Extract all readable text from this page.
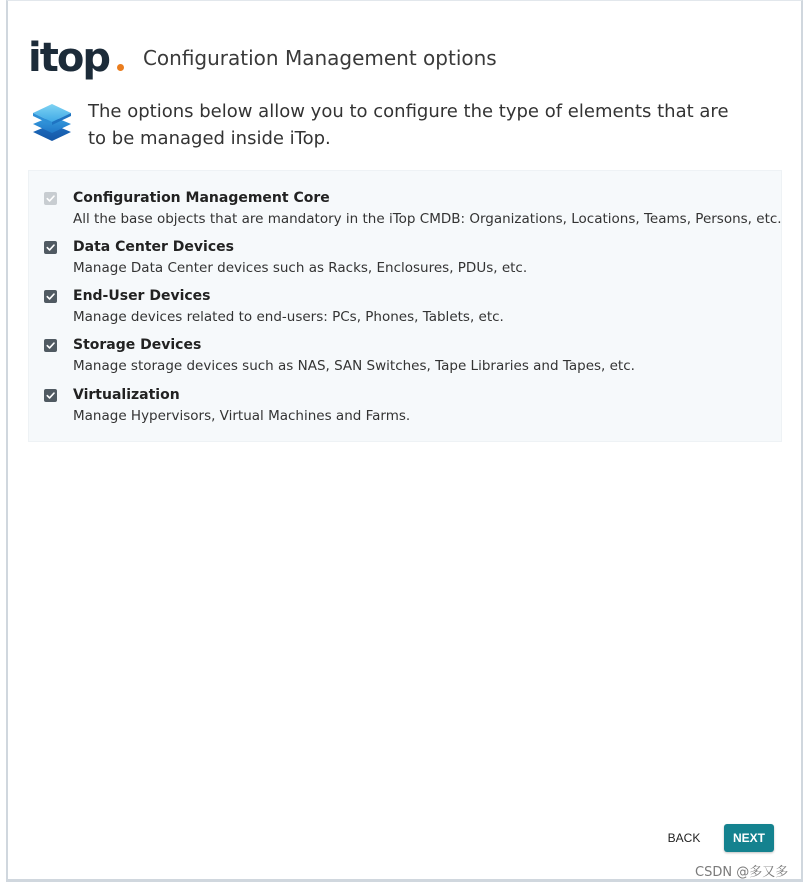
itop Configuration Management options
The options below allow you to configure the type of elements that are to be managed inside iTop.
Configuration Management Core
All the base objects that are mandatory in the iTop CMDB: Organizations, Locations, Teams, Persons, etc.
Data Center Devices
Manage Data Center devices such as Racks, Enclosures, PDUs, etc.
End-User Devices
Manage devices related to end-users: PCs, Phones, Tablets, etc.
Storage Devices
Manage storage devices such as NAS, SAN Switches, Tape Libraries and Tapes, etc.
Virtualization
Manage Hypervisors, Virtual Machines and Farms.
BACK	NEXT
CSDN @多又多
